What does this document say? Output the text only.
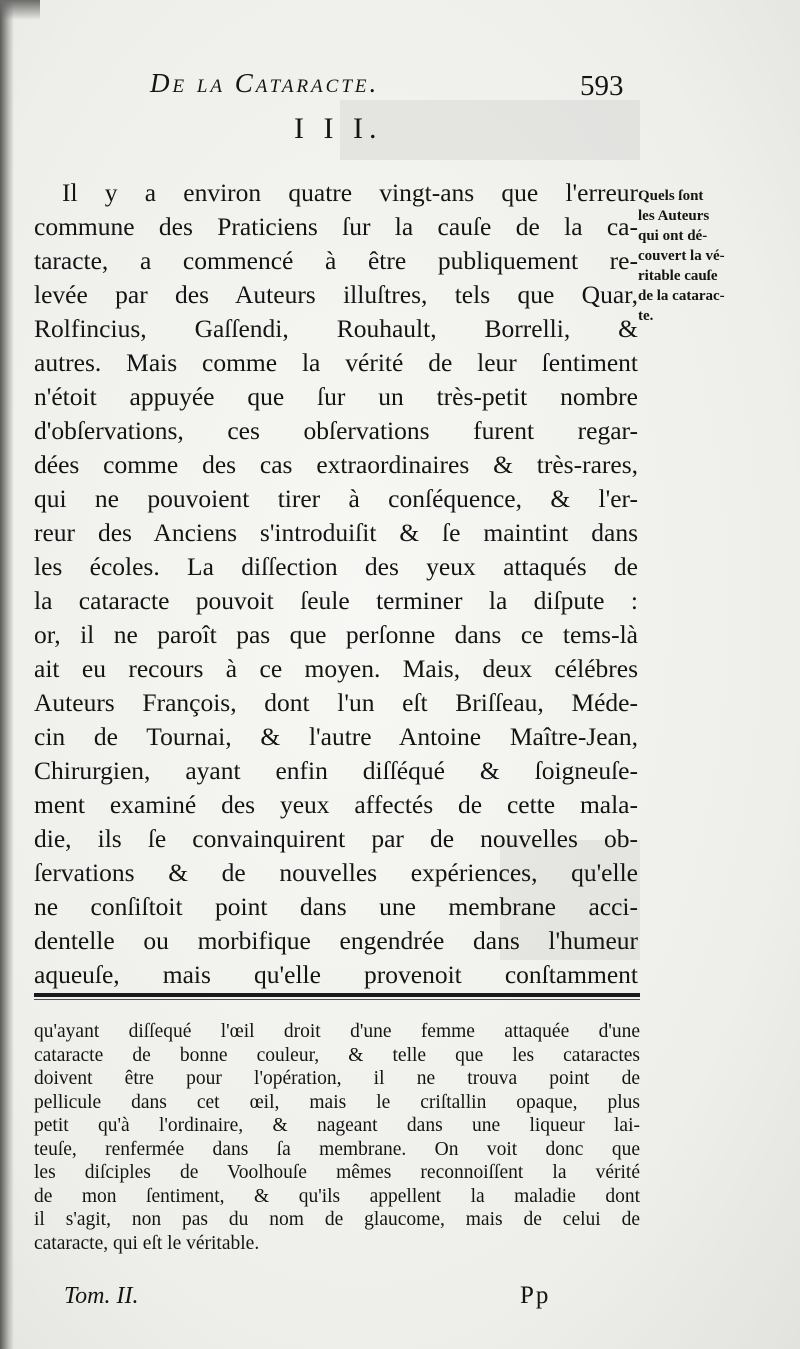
De la Cataracte.	593
I I I.
Il y a environ quatre vingt-ans que l'erreur
commune des Praticiens ſur la cauſe de la ca-
taracte, a commencé à être publiquement re-
levée par des Auteurs illuſtres, tels que Quar,
Rolfincius, Gaſſendi, Rouhault, Borrelli, &
autres. Mais comme la vérité de leur ſentiment
n'étoit appuyée que ſur un très-petit nombre
d'obſervations, ces obſervations furent regar-
dées comme des cas extraordinaires & très-rares,
qui ne pouvoient tirer à conſéquence, & l'er-
reur des Anciens s'introduiſit & ſe maintint dans
les écoles. La diſſection des yeux attaqués de
la cataracte pouvoit ſeule terminer la diſpute :
or, il ne paroît pas que perſonne dans ce tems-là
ait eu recours à ce moyen. Mais, deux célébres
Auteurs François, dont l'un eſt Briſſeau, Méde-
cin de Tournai, & l'autre Antoine Maître-Jean,
Chirurgien, ayant enfin diſſéqué & ſoigneuſe-
ment examiné des yeux affectés de cette mala-
die, ils ſe convainquirent par de nouvelles ob-
ſervations & de nouvelles expériences, qu'elle
ne conſiſtoit point dans une membrane acci-
dentelle ou morbifique engendrée dans l'humeur
aqueuſe, mais qu'elle provenoit conſtamment
Quels ſont
les Auteurs
qui ont dé-
couvert la vé-
ritable cauſe
de la catarac-
te.
qu'ayant diſſequé l'œil droit d'une femme attaquée d'une
cataracte de bonne couleur, & telle que les cataractes
doivent être pour l'opération, il ne trouva point de
pellicule dans cet œil, mais le criſtallin opaque, plus
petit qu'à l'ordinaire, & nageant dans une liqueur lai-
teuſe, renfermée dans ſa membrane. On voit donc que
les diſciples de Voolhouſe mêmes reconnoiſſent la vérité
de mon ſentiment, & qu'ils appellent la maladie dont
il s'agit, non pas du nom de glaucome, mais de celui de
cataracte, qui eſt le véritable.
Tom. II.	Pp
